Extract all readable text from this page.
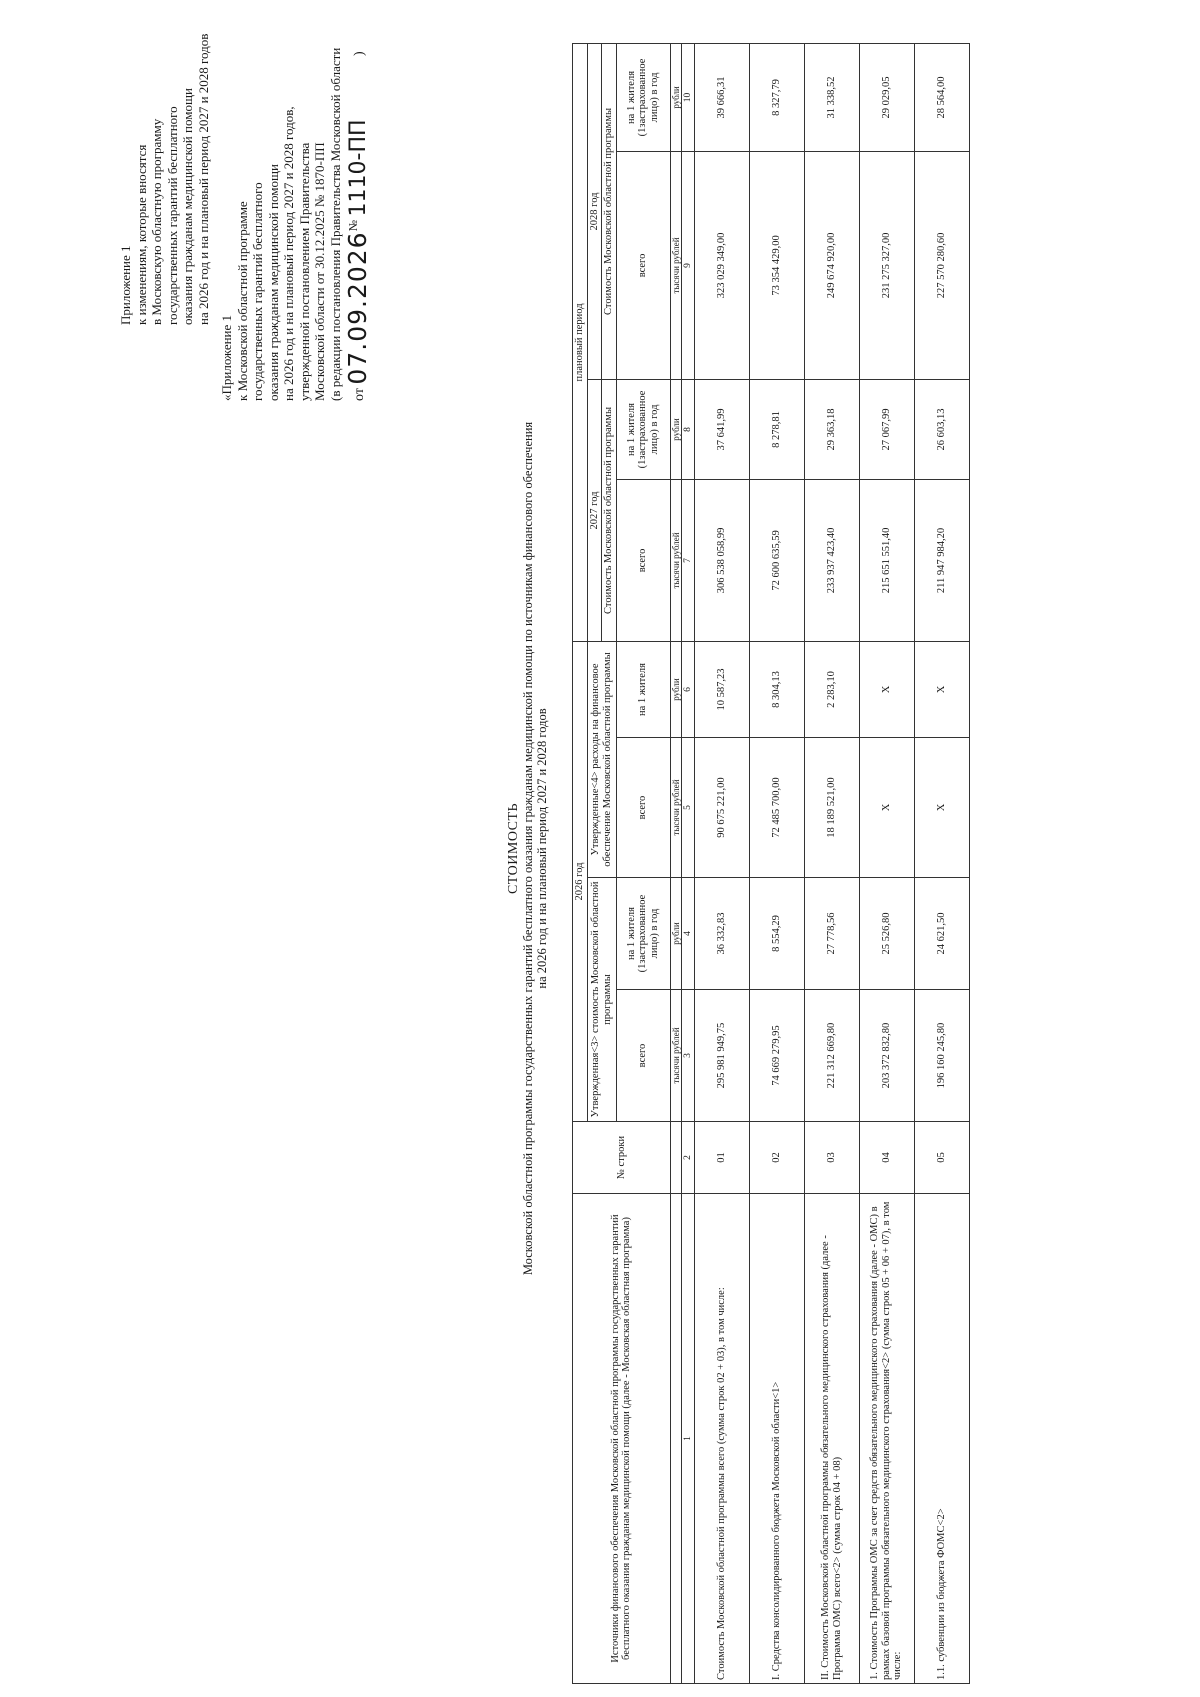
Приложение 1 к изменениям, которые вносятся в Московскую областную программу государственных гарантий бесплатного оказания гражданам медицинской помощи на 2026 год и на плановый период 2027 и 2028 годов
«Приложение 1 к Московской областной программе государственных гарантий бесплатного оказания гражданам медицинской помощи на 2026 год и на плановый период 2027 и 2028 годов, утвержденной постановлением Правительства Московской области от 30.12.2025 № 1870-ПП (в редакции постановления Правительства Московской области от 07.09.2026№ 1110-ПП )
СТОИМОСТЬ Московской областной программы государственных гарантий бесплатного оказания гражданам медицинской помощи по источникам финансового обеспечения на 2026 год и на плановый период 2027 и 2028 годов
Источники финансового обеспечения Московской областной программы государственных гарантий бесплатного оказания гражданам медицинской помощи (далее - Московская областная программа)	№ строки	2026 год				плановый период			
		Утвержденная<3> стоимость Московской областной программы		Утвержденные<4> расходы на финансовое обеспечение Московской областной программы		2027 год		2028 год	
						Стоимость Московской областной программы		Стоимость Московской областной программы	
		всего	на 1 жителя (1застрахованное лицо) в год	всего	на 1 жителя	всего	на 1 жителя (1застрахованное лицо) в год	всего	на 1 жителя (1застрахованное лицо) в год
		тысячи рублей	рубли	тысячи рублей	рубли	тысячи рублей	рубли	тысячи рублей	рубли
1	2	3	4	5	6	7	8	9	10
Стоимость Московской областной программы всего (сумма строк 02 + 03), в том числе:	01	295 981 949,75	36 332,83	90 675 221,00	10 587,23	306 538 058,99	37 641,99	323 029 349,00	39 666,31
I. Средства консолидированного бюджета Московской области<1>	02	74 669 279,95	8 554,29	72 485 700,00	8 304,13	72 600 635,59	8 278,81	73 354 429,00	8 327,79
II. Стоимость Московской областной программы обязательного медицинского страхования (далее - Программа ОМС) всего<2> (сумма строк 04 + 08)	03	221 312 669,80	27 778,56	18 189 521,00	2 283,10	233 937 423,40	29 363,18	249 674 920,00	31 338,52
1. Стоимость Программы ОМС за счет средств обязательного медицинского страхования (далее - ОМС) в рамках базовой программы обязательного медицинского страхования<2> (сумма строк 05 + 06 + 07), в том числе:	04	203 372 832,80	25 526,80	X	X	215 651 551,40	27 067,99	231 275 327,00	29 029,05
1.1. субвенции из бюджета ФОМС<2>	05	196 160 245,80	24 621,50	X	X	211 947 984,20	26 603,13	227 570 280,60	28 564,00
